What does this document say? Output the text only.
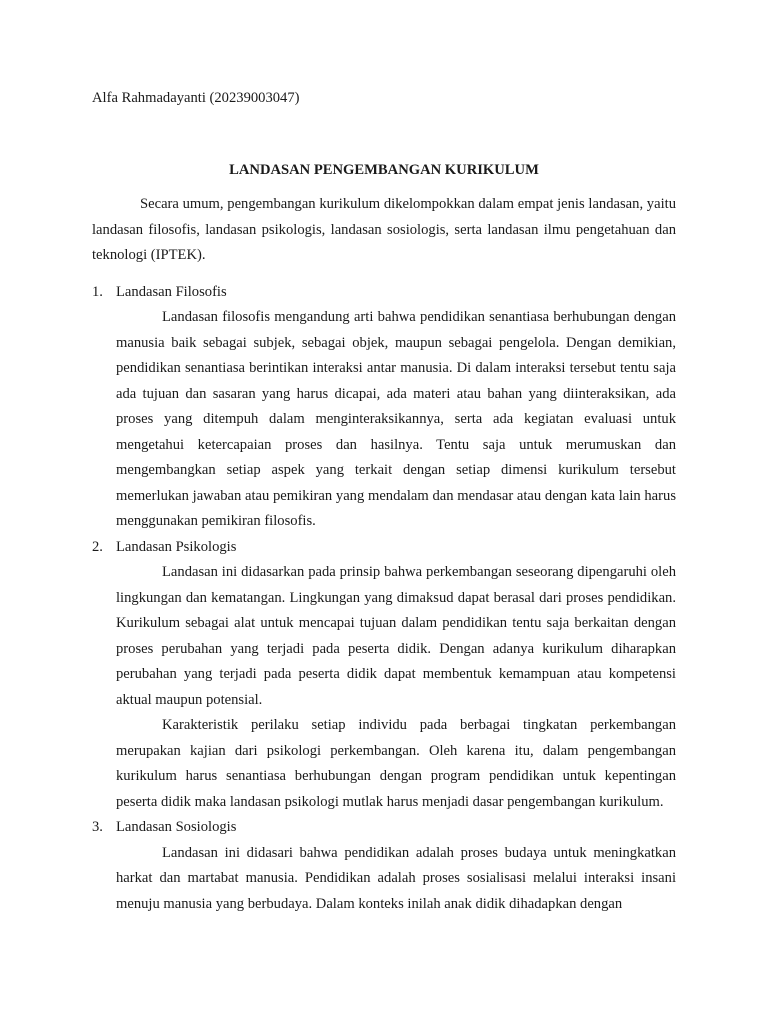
Alfa Rahmadayanti (20239003047)

LANDASAN PENGEMBANGAN KURIKULUM

Secara umum, pengembangan kurikulum dikelompokkan dalam empat jenis landasan, yaitu landasan filosofis, landasan psikologis, landasan sosiologis, serta landasan ilmu pengetahuan dan teknologi (IPTEK).

1. Landasan Filosofis

Landasan filosofis mengandung arti bahwa pendidikan senantiasa berhubungan dengan manusia baik sebagai subjek, sebagai objek, maupun sebagai pengelola. Dengan demikian, pendidikan senantiasa berintikan interaksi antar manusia. Di dalam interaksi tersebut tentu saja ada tujuan dan sasaran yang harus dicapai, ada materi atau bahan yang diinteraksikan, ada proses yang ditempuh dalam menginteraksikannya, serta ada kegiatan evaluasi untuk mengetahui ketercapaian proses dan hasilnya. Tentu saja untuk merumuskan dan mengembangkan setiap aspek yang terkait dengan setiap dimensi kurikulum tersebut memerlukan jawaban atau pemikiran yang mendalam dan mendasar atau dengan kata lain harus menggunakan pemikiran filosofis.

2. Landasan Psikologis

Landasan ini didasarkan pada prinsip bahwa perkembangan seseorang dipengaruhi oleh lingkungan dan kematangan. Lingkungan yang dimaksud dapat berasal dari proses pendidikan. Kurikulum sebagai alat untuk mencapai tujuan dalam pendidikan tentu saja berkaitan dengan proses perubahan yang terjadi pada peserta didik. Dengan adanya kurikulum diharapkan perubahan yang terjadi pada peserta didik dapat membentuk kemampuan atau kompetensi aktual maupun potensial.

Karakteristik perilaku setiap individu pada berbagai tingkatan perkembangan merupakan kajian dari psikologi perkembangan. Oleh karena itu, dalam pengembangan kurikulum harus senantiasa berhubungan dengan program pendidikan untuk kepentingan peserta didik maka landasan psikologi mutlak harus menjadi dasar pengembangan kurikulum.

3. Landasan Sosiologis

Landasan ini didasari bahwa pendidikan adalah proses budaya untuk meningkatkan harkat dan martabat manusia. Pendidikan adalah proses sosialisasi melalui interaksi insani menuju manusia yang berbudaya. Dalam konteks inilah anak didik dihadapkan dengan
